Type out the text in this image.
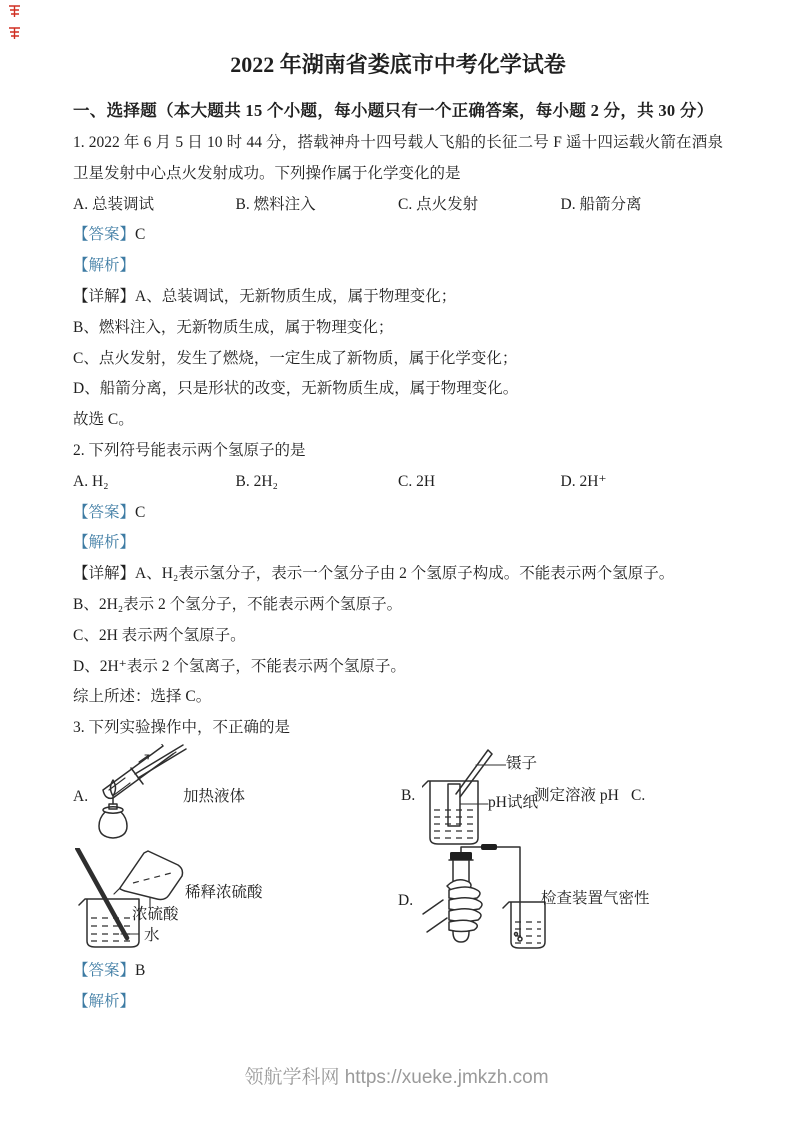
2022 年湖南省娄底市中考化学试卷
一、选择题（本大题共 15 个小题，每小题只有一个正确答案，每小题 2 分，共 30 分）

1. 2022 年 6 月 5 日 10 时 44 分，搭载神舟十四号载人飞船的长征二号 F 遥十四运载火箭在酒泉卫星发射中心点火发射成功。下列操作属于化学变化的是

A. 总装调试	B. 燃料注入	C. 点火发射	D. 船箭分离

【答案】C

【解析】

【详解】A、总装调试，无新物质生成，属于物理变化；

B、燃料注入，无新物质生成，属于物理变化；

C、点火发射，发生了燃烧，一定生成了新物质，属于化学变化；

D、船箭分离，只是形状的改变，无新物质生成，属于物理变化。

故选 C。

2. 下列符号能表示两个氢原子的是

A. H₂	B. 2H₂	C. 2H	D. 2H⁺

【答案】C

【解析】

【详解】A、H₂表示氢分子，表示一个氢分子由 2 个氢原子构成。不能表示两个氢原子。

B、2H₂表示 2 个氢分子，不能表示两个氢原子。

C、2H 表示两个氢原子。

D、2H⁺表示 2 个氢离子，不能表示两个氢原子。

综上所述：选择 C。

3. 下列实验操作中，不正确的是

A.	加热液体	B.
镊子
pH试纸
测定溶液 pH C.
稀释浓硫酸
浓硫酸
水
D.	检查装置气密性

【答案】B

【解析】

领航学科网 https://xueke.jmkzh.com
